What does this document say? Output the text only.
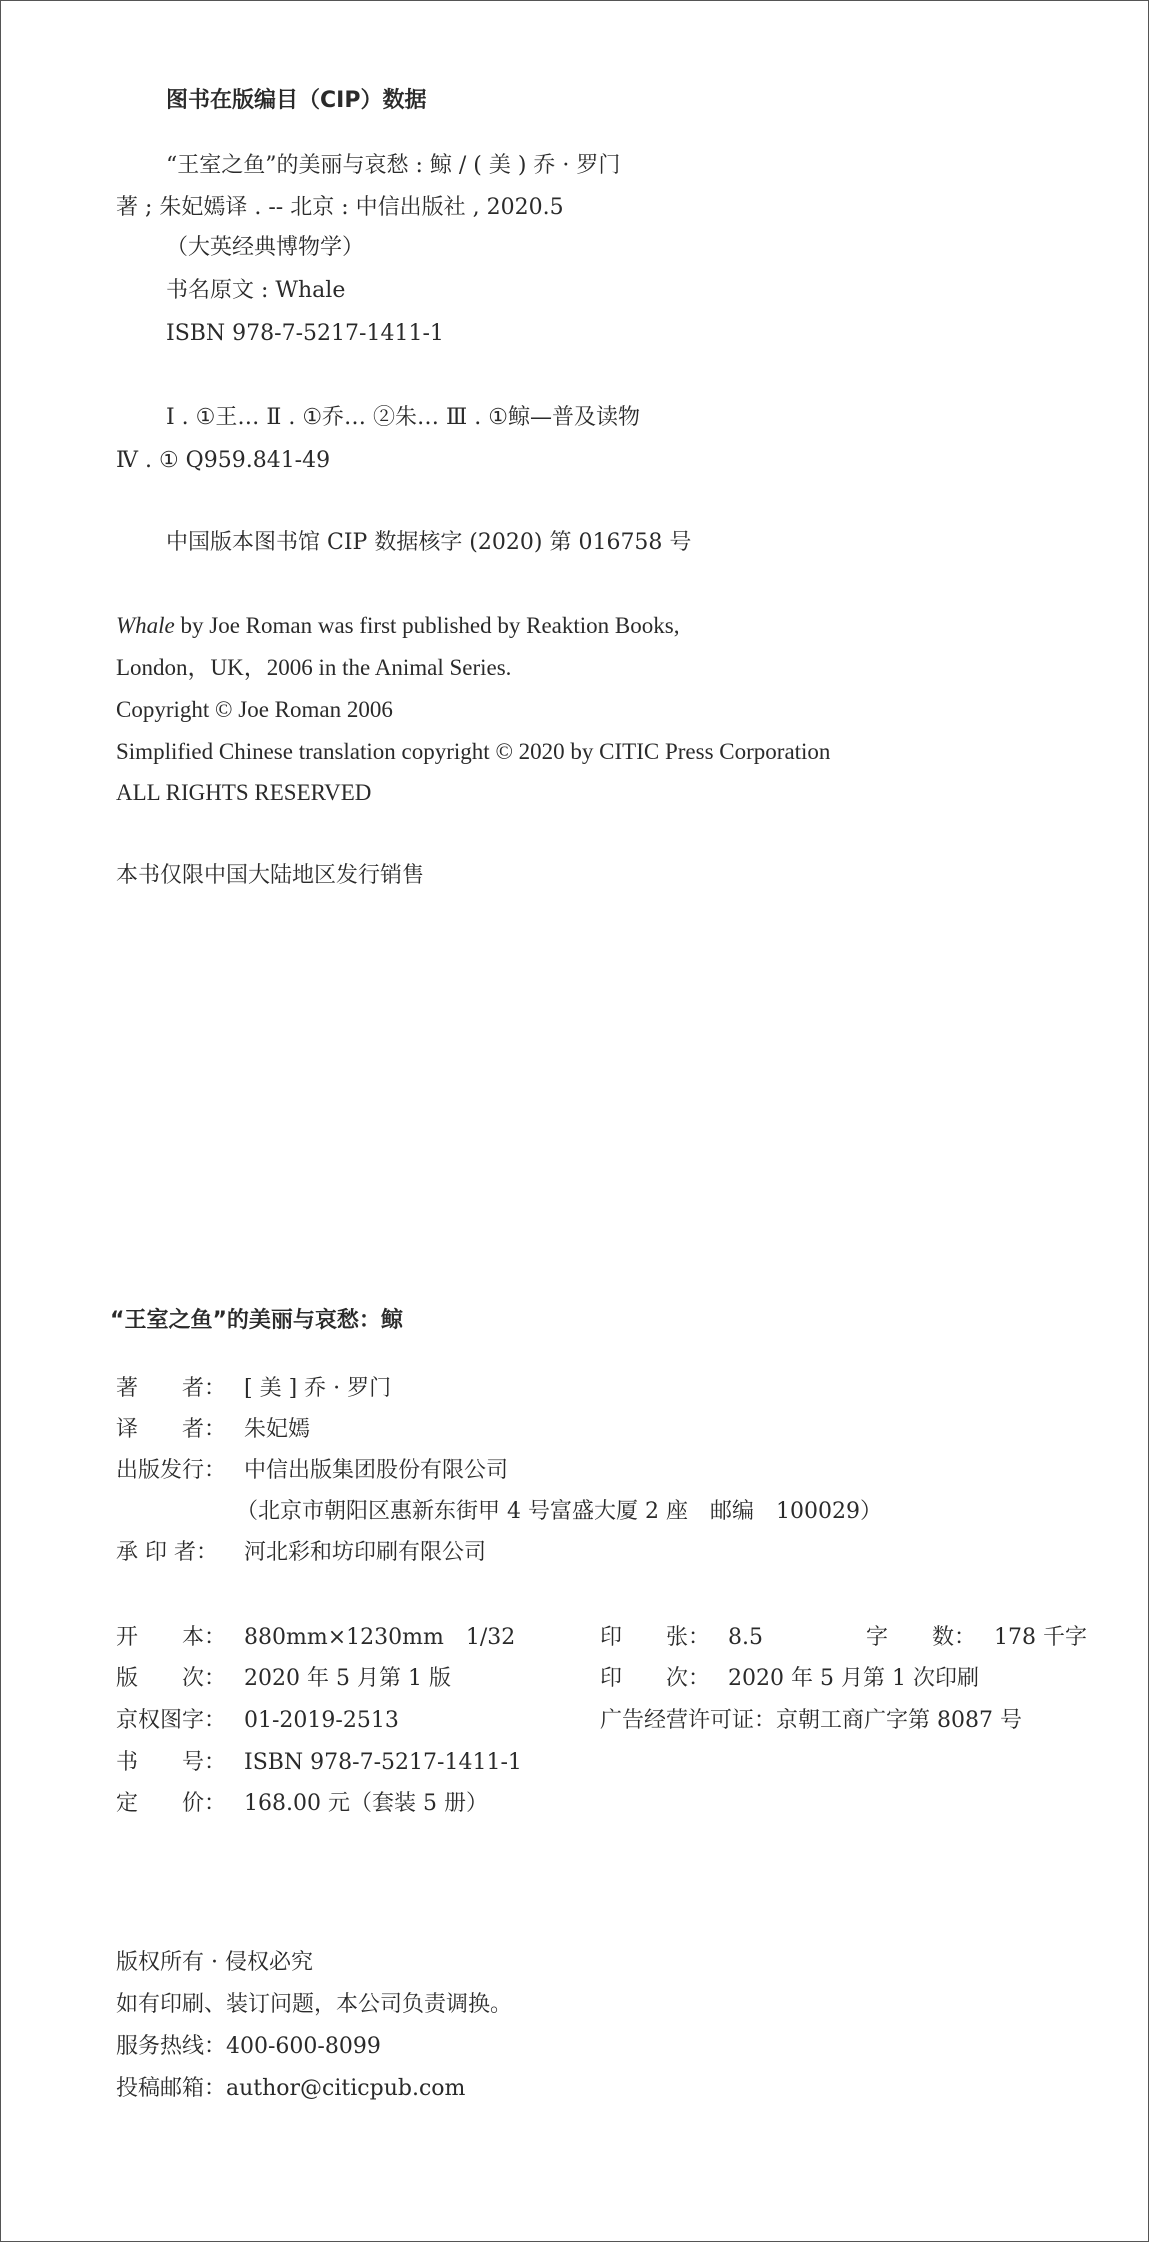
图书在版编目（CIP）数据
“王室之鱼”的美丽与哀愁 : 鲸 / ( 美 ) 乔 · 罗门
著 ; 朱妃嫣译 . -- 北京 : 中信出版社 , 2020.5
（大英经典博物学）
书名原文 : Whale
ISBN 978-7-5217-1411-1
Ⅰ . ①王… Ⅱ . ①乔… ②朱… Ⅲ . ①鲸—普及读物
Ⅳ . ① Q959.841-49
中国版本图书馆 CIP 数据核字 (2020) 第 016758 号
Whale by Joe Roman was first published by Reaktion Books,
London，UK，2006 in the Animal Series.
Copyright © Joe Roman 2006
Simplified Chinese translation copyright © 2020 by CITIC Press Corporation
ALL RIGHTS RESERVED
本书仅限中国大陆地区发行销售
“王室之鱼”的美丽与哀愁：鲸
著　　者： [ 美 ] 乔 · 罗门
译　　者： 朱妃嫣
出版发行： 中信出版集团股份有限公司
（北京市朝阳区惠新东街甲 4 号富盛大厦 2 座　邮编　100029）
承 印 者： 河北彩和坊印刷有限公司
开　　本： 880mm×1230mm　1/32	印　　张： 8.5	字　　数： 178 千字
版　　次： 2020 年 5 月第 1 版	印　　次： 2020 年 5 月第 1 次印刷
京权图字： 01-2019-2513	广告经营许可证：京朝工商广字第 8087 号
书　　号： ISBN 978-7-5217-1411-1
定　　价： 168.00 元（套装 5 册）
版权所有 · 侵权必究
如有印刷、装订问题，本公司负责调换。
服务热线：400-600-8099
投稿邮箱：author@citicpub.com
